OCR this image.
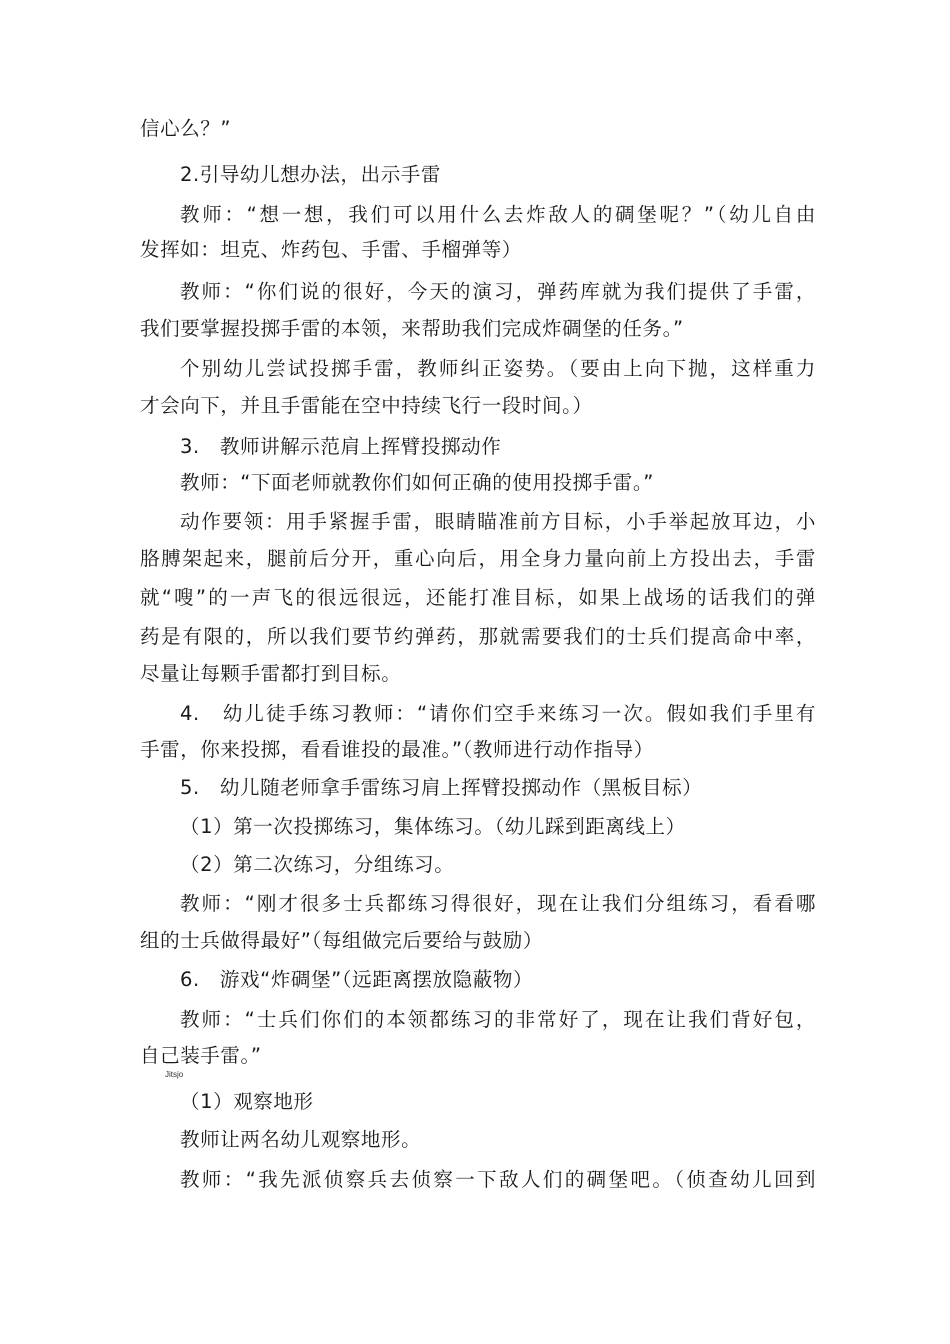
信心么？”
2.引导幼儿想办法，出示手雷
教师：“想一想，我们可以用什么去炸敌人的碉堡呢？”（幼儿自由
发挥如：坦克、炸药包、手雷、手榴弹等）
教师：“你们说的很好，今天的演习，弹药库就为我们提供了手雷，
我们要掌握投掷手雷的本领，来帮助我们完成炸碉堡的任务。”
个别幼儿尝试投掷手雷，教师纠正姿势。（要由上向下抛，这样重力
才会向下，并且手雷能在空中持续飞行一段时间。）
3.　教师讲解示范肩上挥臂投掷动作
教师：“下面老师就教你们如何正确的使用投掷手雷。”
动作要领：用手紧握手雷，眼睛瞄准前方目标，小手举起放耳边，小
胳膊架起来，腿前后分开，重心向后，用全身力量向前上方投出去，手雷
就“嗖”的一声飞的很远很远，还能打准目标，如果上战场的话我们的弹
药是有限的，所以我们要节约弹药，那就需要我们的士兵们提高命中率，
尽量让每颗手雷都打到目标。
4.　幼儿徒手练习教师：“请你们空手来练习一次。假如我们手里有
手雷，你来投掷，看看谁投的最准。”（教师进行动作指导）
5.　幼儿随老师拿手雷练习肩上挥臂投掷动作（黑板目标）
（1）第一次投掷练习，集体练习。（幼儿踩到距离线上）
（2）第二次练习，分组练习。
教师：“刚才很多士兵都练习得很好，现在让我们分组练习，看看哪
组的士兵做得最好”（每组做完后要给与鼓励）
6.　游戏“炸碉堡”（远距离摆放隐蔽物）
教师：“士兵们你们的本领都练习的非常好了，现在让我们背好包，
自己装手雷。”
Jitsjo
（1）观察地形
教师让两名幼儿观察地形。
教师：“我先派侦察兵去侦察一下敌人们的碉堡吧。（侦查幼儿回到
